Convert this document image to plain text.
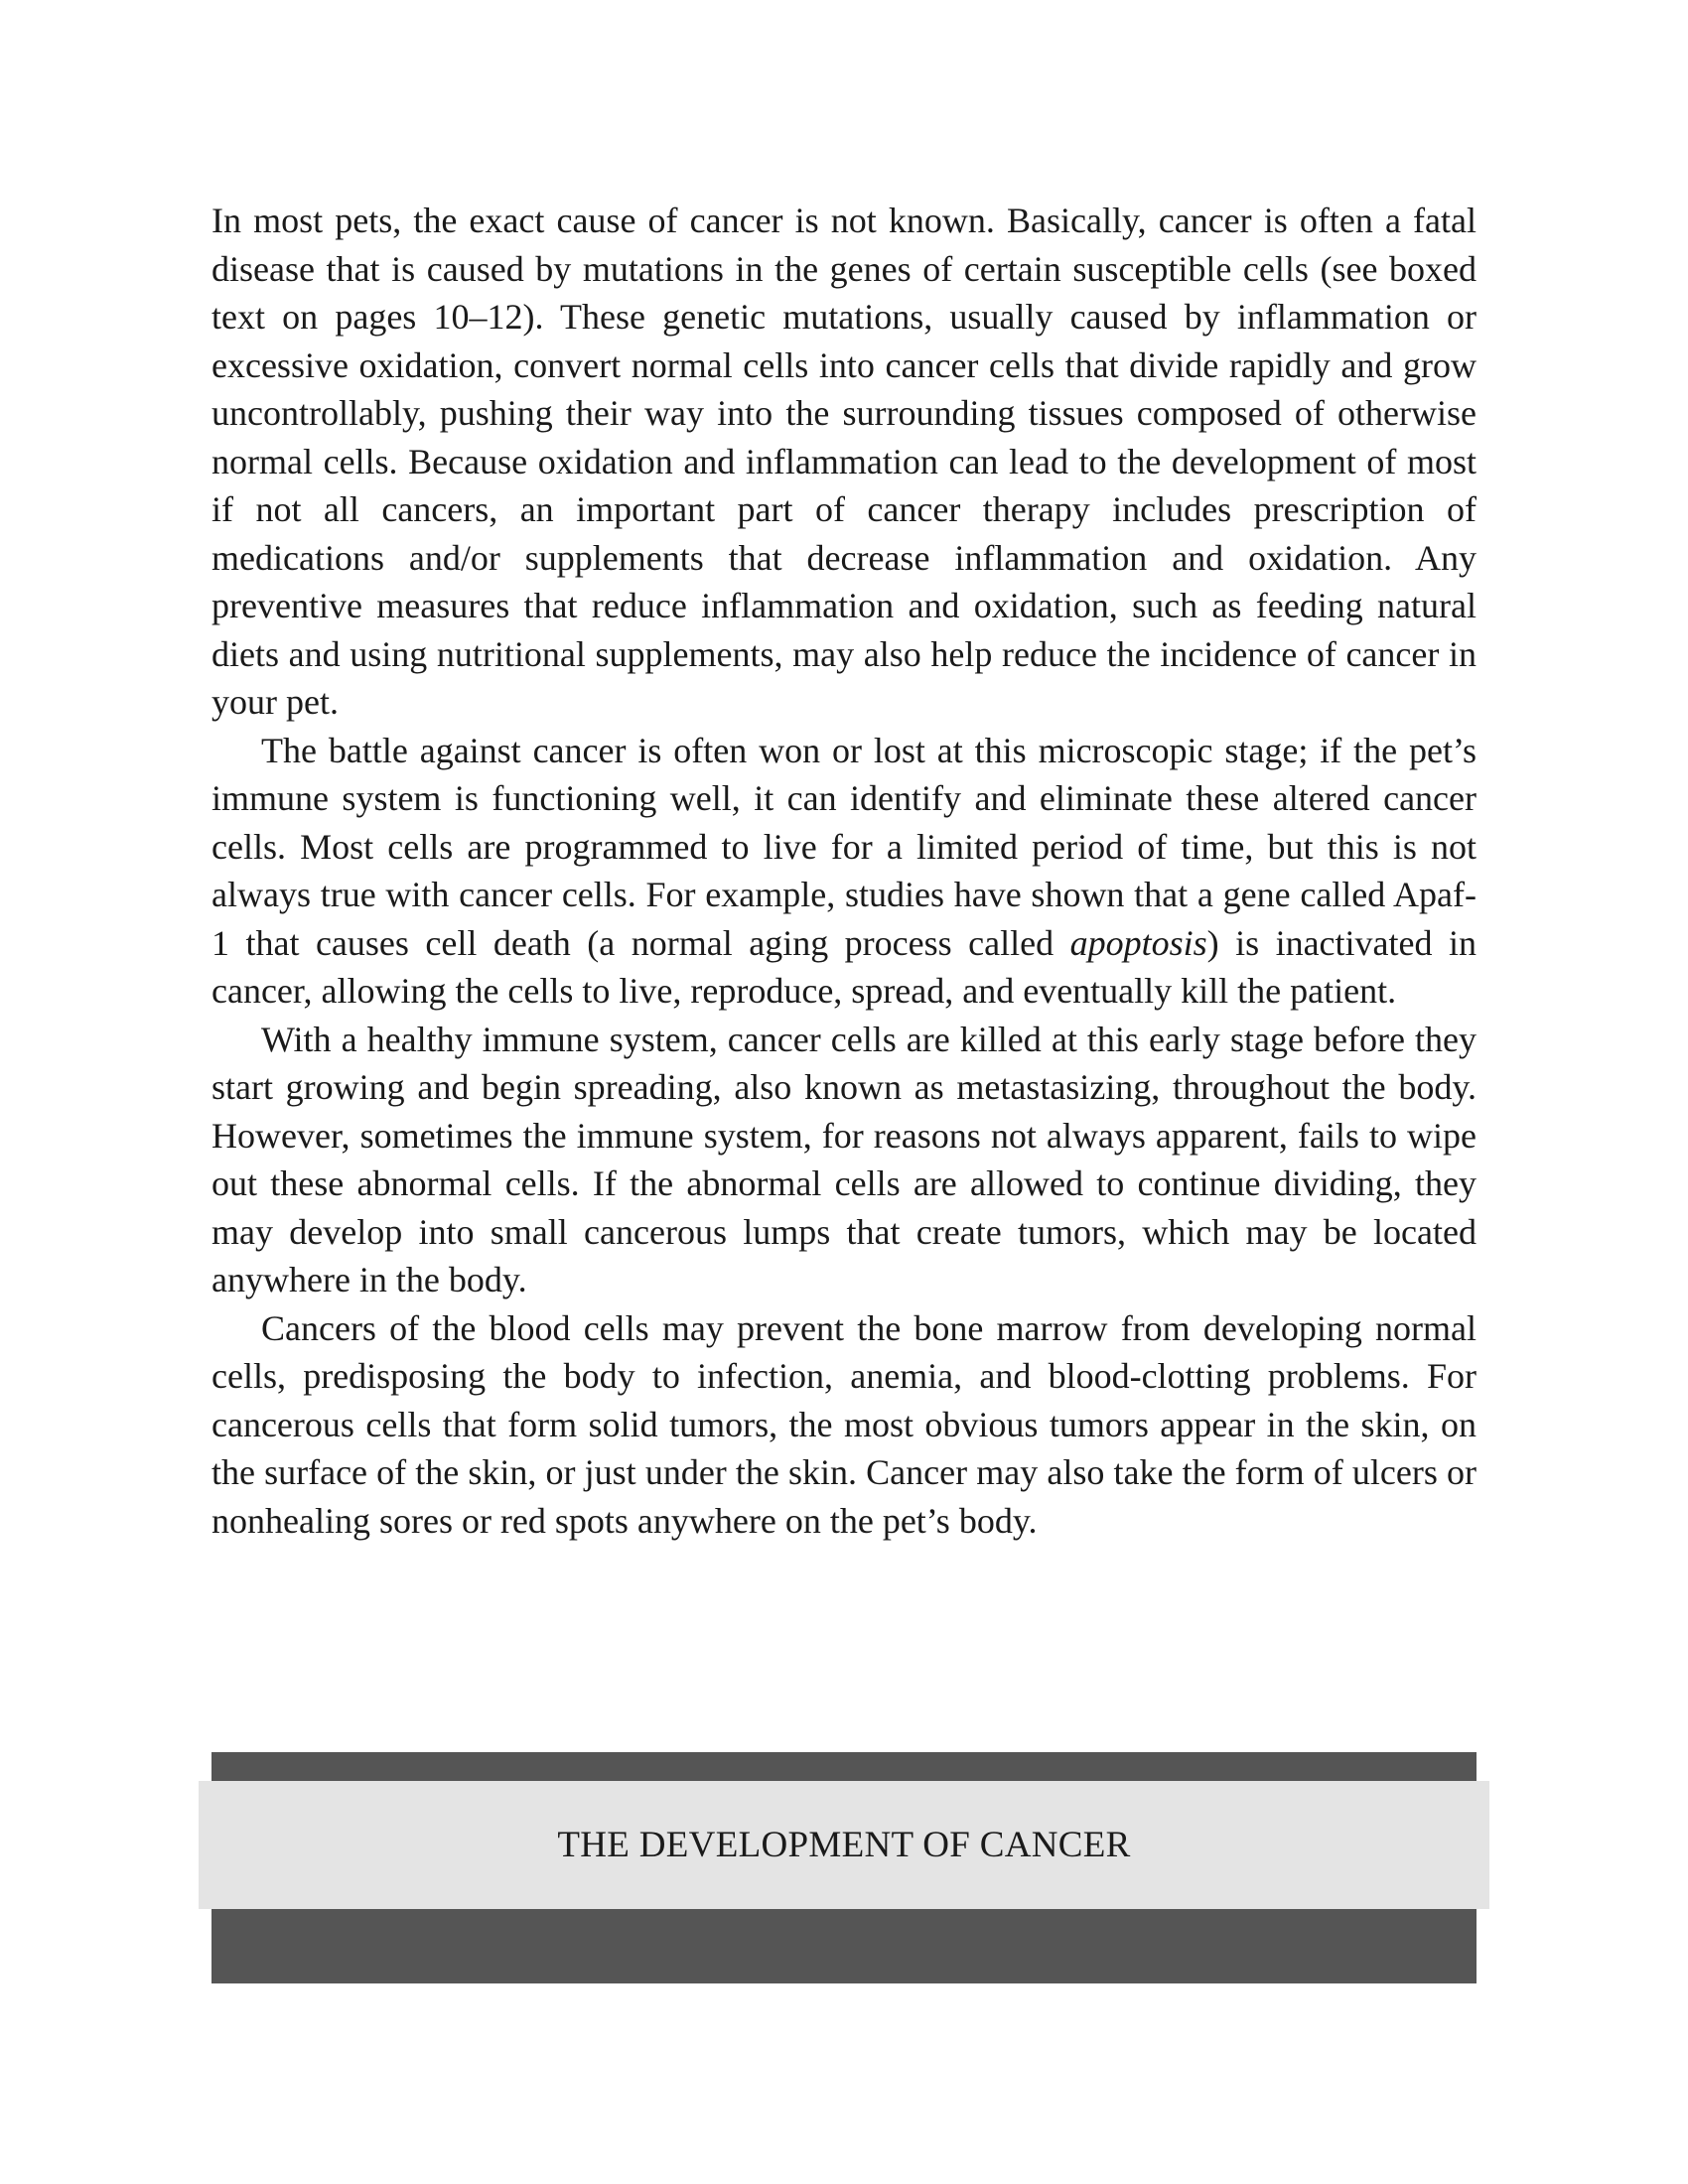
In most pets, the exact cause of cancer is not known. Basically, cancer is often a fatal disease that is caused by mutations in the genes of certain susceptible cells (see boxed text on pages 10–12). These genetic mutations, usually caused by inflammation or excessive oxidation, convert normal cells into cancer cells that divide rapidly and grow uncontrollably, pushing their way into the surrounding tissues composed of otherwise normal cells. Because oxidation and inflammation can lead to the development of most if not all cancers, an important part of cancer therapy includes prescription of medications and/or supplements that decrease inflammation and oxidation. Any preventive measures that reduce inflammation and oxidation, such as feeding natural diets and using nutritional supplements, may also help reduce the incidence of cancer in your pet.

The battle against cancer is often won or lost at this microscopic stage; if the pet’s immune system is functioning well, it can identify and eliminate these altered cancer cells. Most cells are programmed to live for a limited period of time, but this is not always true with cancer cells. For example, studies have shown that a gene called Apaf-1 that causes cell death (a normal aging process called apoptosis) is inactivated in cancer, allowing the cells to live, reproduce, spread, and eventually kill the patient.

With a healthy immune system, cancer cells are killed at this early stage before they start growing and begin spreading, also known as metastasizing, throughout the body. However, sometimes the immune system, for reasons not always apparent, fails to wipe out these abnormal cells. If the abnormal cells are allowed to continue dividing, they may develop into small cancerous lumps that create tumors, which may be located anywhere in the body.

Cancers of the blood cells may prevent the bone marrow from developing normal cells, predisposing the body to infection, anemia, and blood-clotting problems. For cancerous cells that form solid tumors, the most obvious tumors appear in the skin, on the surface of the skin, or just under the skin. Cancer may also take the form of ulcers or nonhealing sores or red spots anywhere on the pet’s body.

THE DEVELOPMENT OF CANCER
